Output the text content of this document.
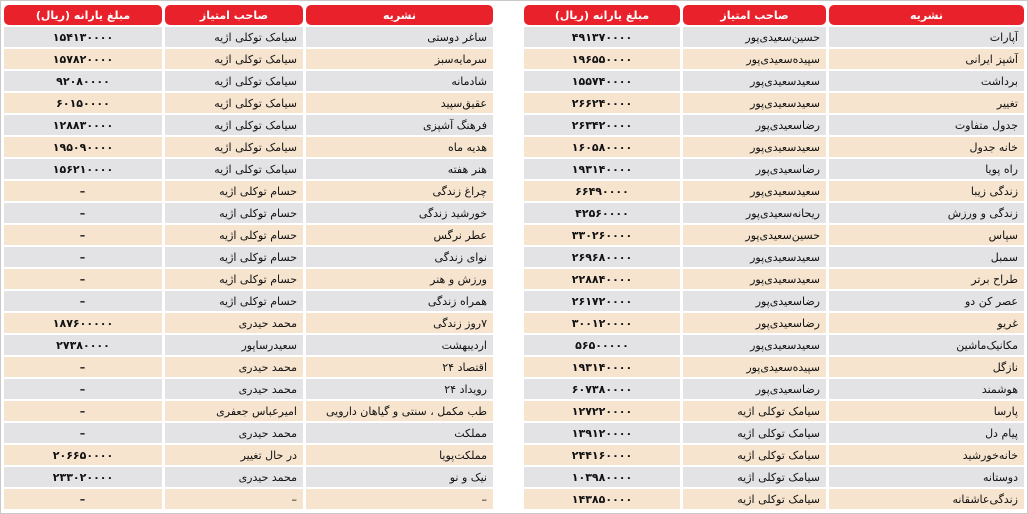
نشریه	صاحب امتیاز	مبلغ یارانه (ریال)
آپارات	حسین‌سعیدی‌پور	۴۹۱۳۷۰۰۰۰
آشپز ایرانی	سپیده‌سعیدی‌پور	۱۹۶۵۵۰۰۰۰
برداشت	سعیدسعیدی‌پور	۱۵۵۷۴۰۰۰۰
تغییر	سعیدسعیدی‌پور	۲۶۶۲۴۰۰۰۰
جدول متفاوت	رضاسعیدی‌پور	۲۶۳۴۲۰۰۰۰
خانه جدول	سعیدسعیدی‌پور	۱۶۰۵۸۰۰۰۰
راه پویا	رضاسعیدی‌پور	۱۹۳۱۴۰۰۰۰
زندگی زیبا	سعیدسعیدی‌پور	۶۶۴۹۰۰۰۰
زندگی و ورزش	ریحانه‌سعیدی‌پور	۴۲۵۶۰۰۰۰
سپاس	حسین‌سعیدی‌پور	۳۳۰۲۶۰۰۰۰
سمبل	سعیدسعیدی‌پور	۲۶۹۶۸۰۰۰۰
طراح برتر	سعیدسعیدی‌پور	۲۲۸۸۴۰۰۰۰
عصر کن دو	رضاسعیدی‌پور	۲۶۱۷۲۰۰۰۰
غریو	رضاسعیدی‌پور	۳۰۰۱۲۰۰۰۰
مکانیک‌ماشین	سعیدسعیدی‌پور	۵۶۵۰۰۰۰۰
نازگل	سپیده‌سعیدی‌پور	۱۹۳۱۴۰۰۰۰
هوشمند	رضاسعیدی‌پور	۶۰۷۳۸۰۰۰۰
پارسا	سیامک توکلی اژیه	۱۲۷۲۲۰۰۰۰
پیام دل	سیامک توکلی اژیه	۱۳۹۱۲۰۰۰۰
خانه‌خورشید	سیامک توکلی اژیه	۲۴۴۱۶۰۰۰۰
دوستانه	سیامک توکلی اژیه	۱۰۳۹۸۰۰۰۰
زندگی‌عاشقانه	سیامک توکلی اژیه	۱۴۳۸۵۰۰۰۰
نشریه	صاحب امتیاز	مبلغ یارانه (ریال)
ساغر دوستی	سیامک توکلی اژیه	۱۵۴۱۳۰۰۰۰
سرمایه‌سبز	سیامک توکلی اژیه	۱۵۷۸۲۰۰۰۰
شادمانه	سیامک توکلی اژیه	۹۲۰۸۰۰۰۰
عقیق‌سپید	سیامک توکلی اژیه	۶۰۱۵۰۰۰۰
فرهنگ آشپزی	سیامک توکلی اژیه	۱۲۸۸۳۰۰۰۰
هدیه ماه	سیامک توکلی اژیه	۱۹۵۰۹۰۰۰۰
هنر هفته	سیامک توکلی اژیه	۱۵۶۲۱۰۰۰۰
چراغ زندگی	حسام توکلی اژیه	–
خورشید زندگی	حسام توکلی اژیه	–
عطر نرگس	حسام توکلی اژیه	–
نوای زندگی	حسام توکلی اژیه	–
ورزش و هنر	حسام توکلی اژیه	–
همراه زندگی	حسام توکلی اژیه	–
۷روز زندگی	محمد حیدری	۱۸۷۶۰۰۰۰۰
اردیبهشت	سعیدرساپور	۲۷۳۸۰۰۰۰
اقتصاد ۲۴	محمد حیدری	–
رویداد ۲۴	محمد حیدری	–
طب مکمل ، سنتی و گیاهان دارویی	امیرعباس جعفری	–
مملکت	محمد حیدری	–
مملکت‌پویا	در حال تغییر	۲۰۶۶۵۰۰۰۰
نیک و نو	محمد حیدری	۲۳۳۰۲۰۰۰۰
–	–	–
